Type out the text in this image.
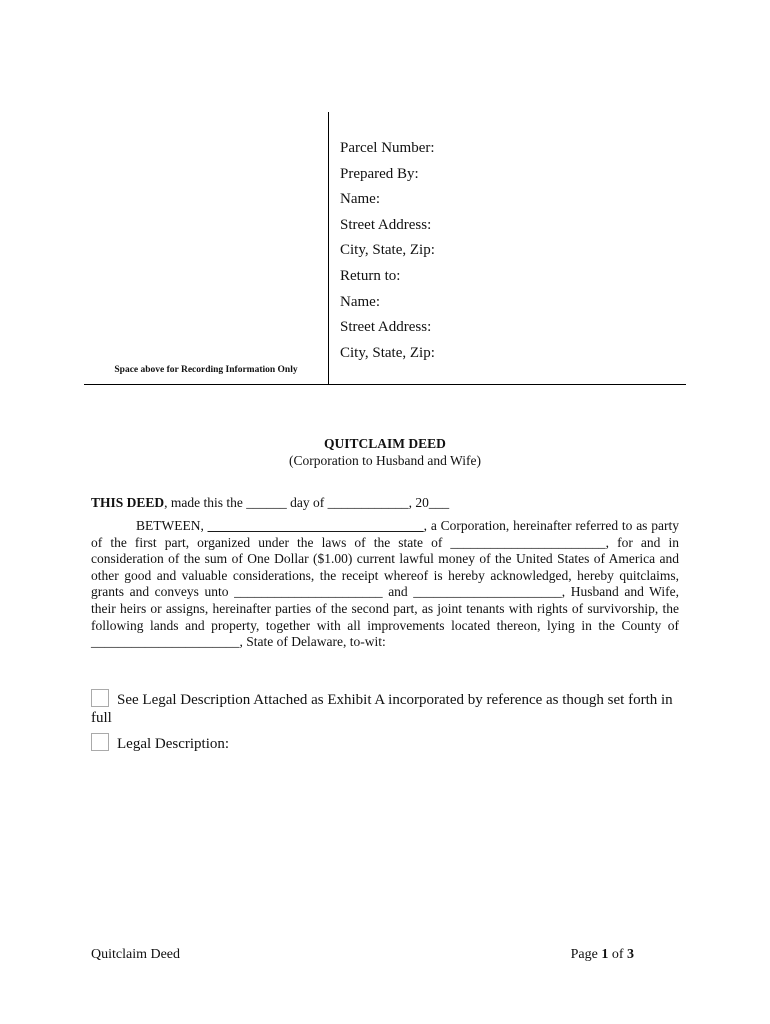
Space above for Recording Information Only
Parcel Number:
Prepared By:
Name:
Street Address:
City, State, Zip:
Return to:
Name:
Street Address:
City, State, Zip:
QUITCLAIM DEED
(Corporation to Husband and Wife)
THIS DEED, made this the ______ day of ____________, 20___
BETWEEN, ________________________________, a Corporation, hereinafter referred to as party of the first part, organized under the laws of the state of _______________________, for and in consideration of the sum of One Dollar ($1.00) current lawful money of the United States of America and other good and valuable considerations, the receipt whereof is hereby acknowledged, hereby quitclaims, grants and conveys unto ______________________ and ______________________, Husband and Wife, their heirs or assigns, hereinafter parties of the second part, as joint tenants with rights of survivorship, the following lands and property, together with all improvements located thereon, lying in the County of ______________________, State of Delaware, to-wit:
See Legal Description Attached as Exhibit A incorporated by reference as though set forth in full
Legal Description:
Quitclaim Deed	Page 1 of 3
